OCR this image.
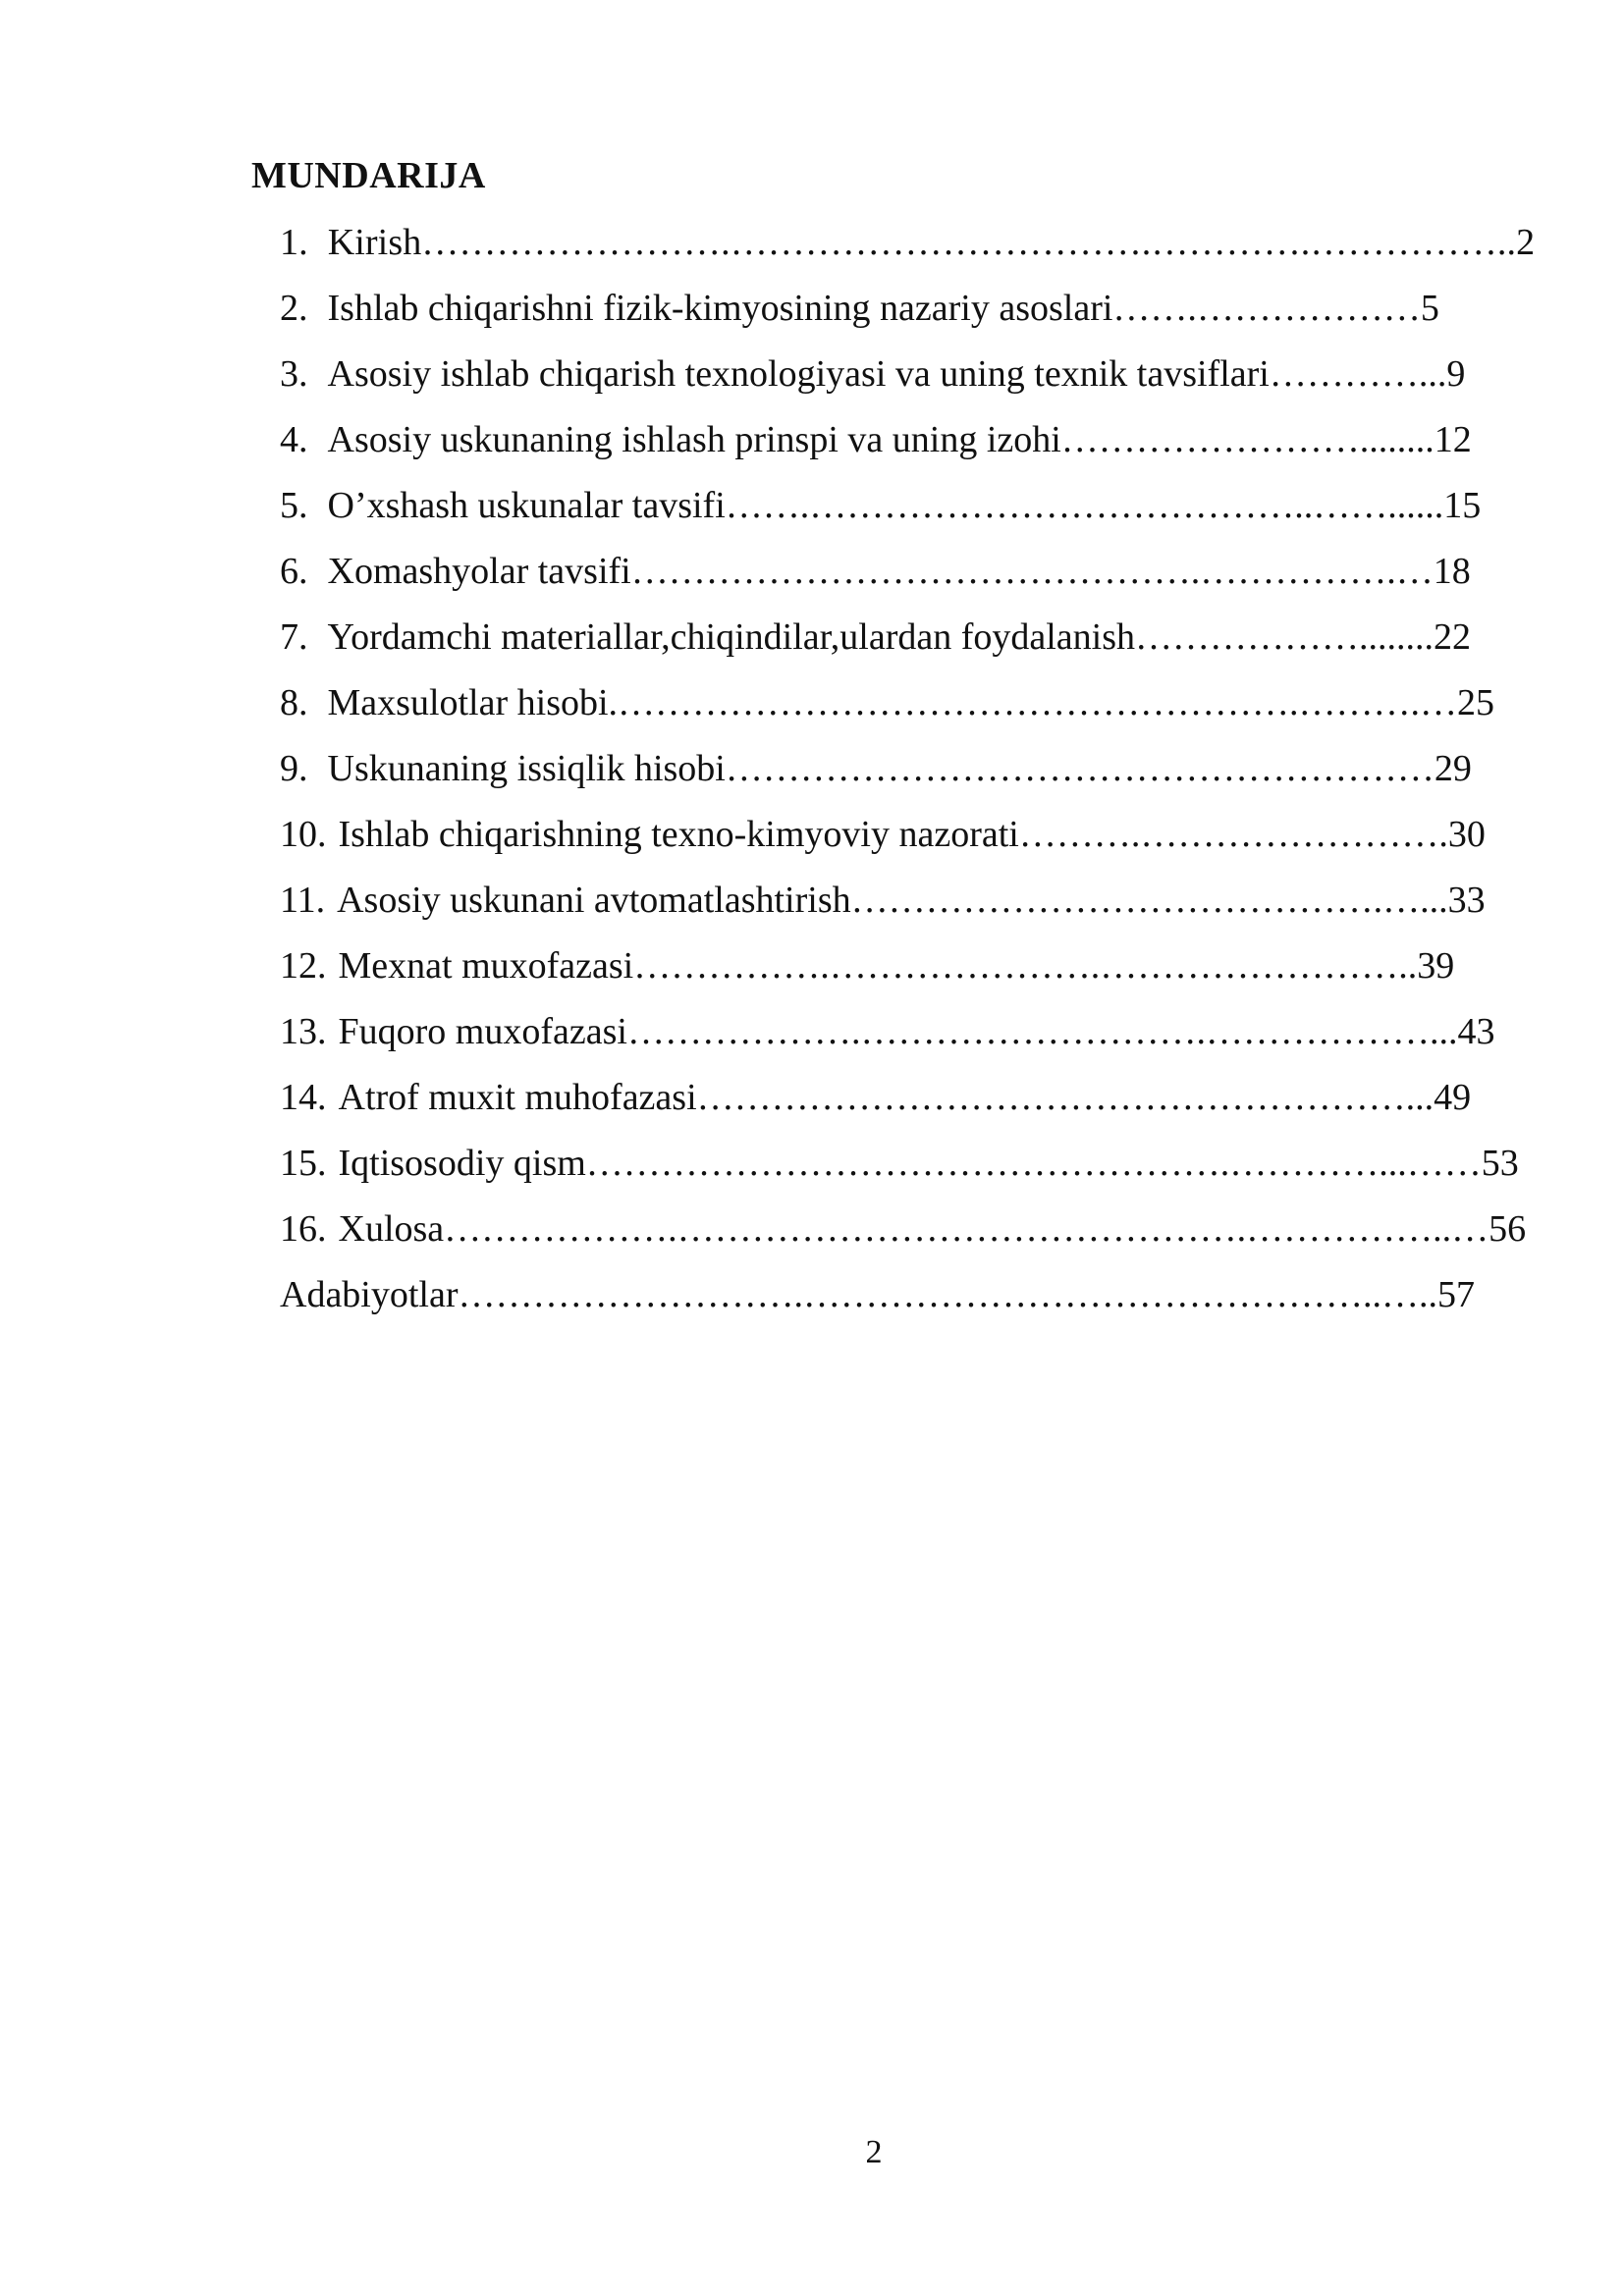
MUNDARIJA
1. Kirish…………………….…………………………….………….……………..2
2. Ishlab chiqarishni fizik-kimyosining nazariy asoslari…….………………5
3. Asosiy ishlab chiqarish texnologiyasi va uning texnik tavsiflari…………...9
4. Asosiy uskunaning ishlash prinspi va uning izohi……………………........12
5. O’xshash uskunalar tavsifi…….…………………………………..……......15
6. Xomashyolar tavsifi……………………………………….…………….…18
7. Yordamchi materiallar,chiqindilar,ulardan foydalanish………………........22
8. Maxsulotlar hisobi.……………………………………………….……….…25
9. Uskunaning issiqlik hisobi…………………………………………………29
10. Ishlab chiqarishning texno-kimyoviy nazorati……….…………………….30
11. Asosiy uskunani avtomatlashtirish…………………………………….…...33
12. Mexnat muxofazasi…………….………………….……………………..39
13. Fuqoro muxofazasi……………….……………………….………………...43
14. Atrof muxit muhofazasi…………………………………………………...49
15. Iqtisosodiy qism…………………………………………….…………...……53
16. Xulosa……………….……………………………………….……………..…56
Adabiyotlar……………………….………………………………………..…..57
2
